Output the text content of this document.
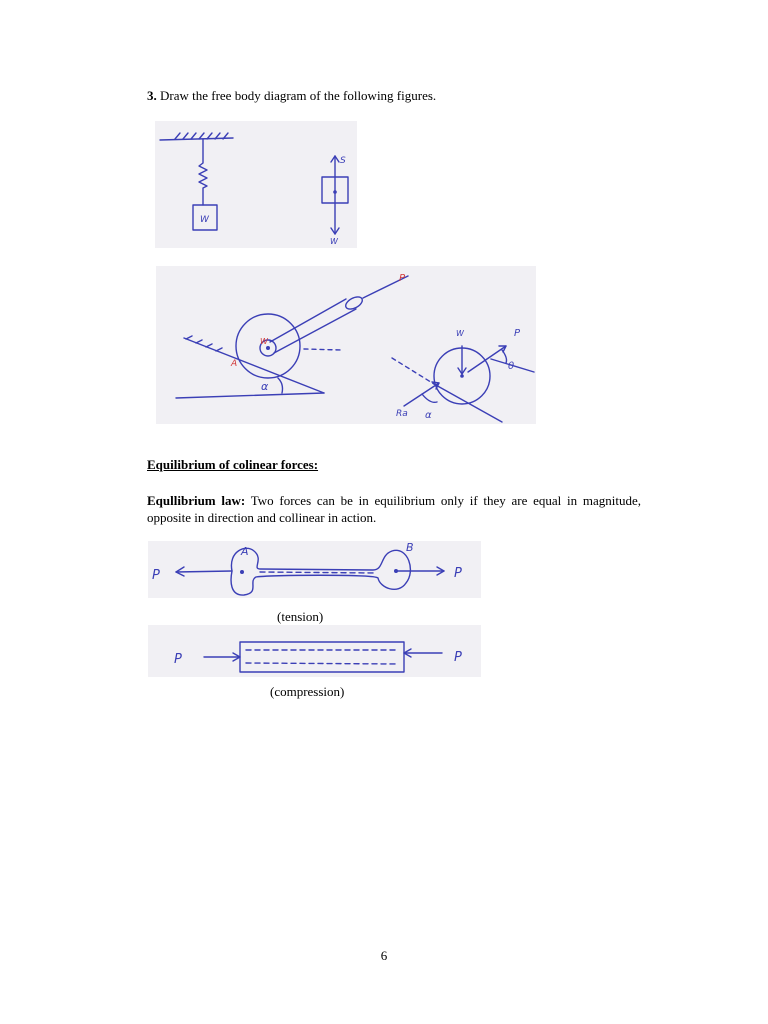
3. Draw the free body diagram of the following figures.
W
S
W
α
W
A
P
W	P
θ
Ra α
Equilibrium of colinear forces:
Equllibrium law: Two forces can be in equilibrium only if they are equal in magnitude, opposite in direction and collinear in action.
P
A	B
P
(tension)
P	P
(compression)
6
